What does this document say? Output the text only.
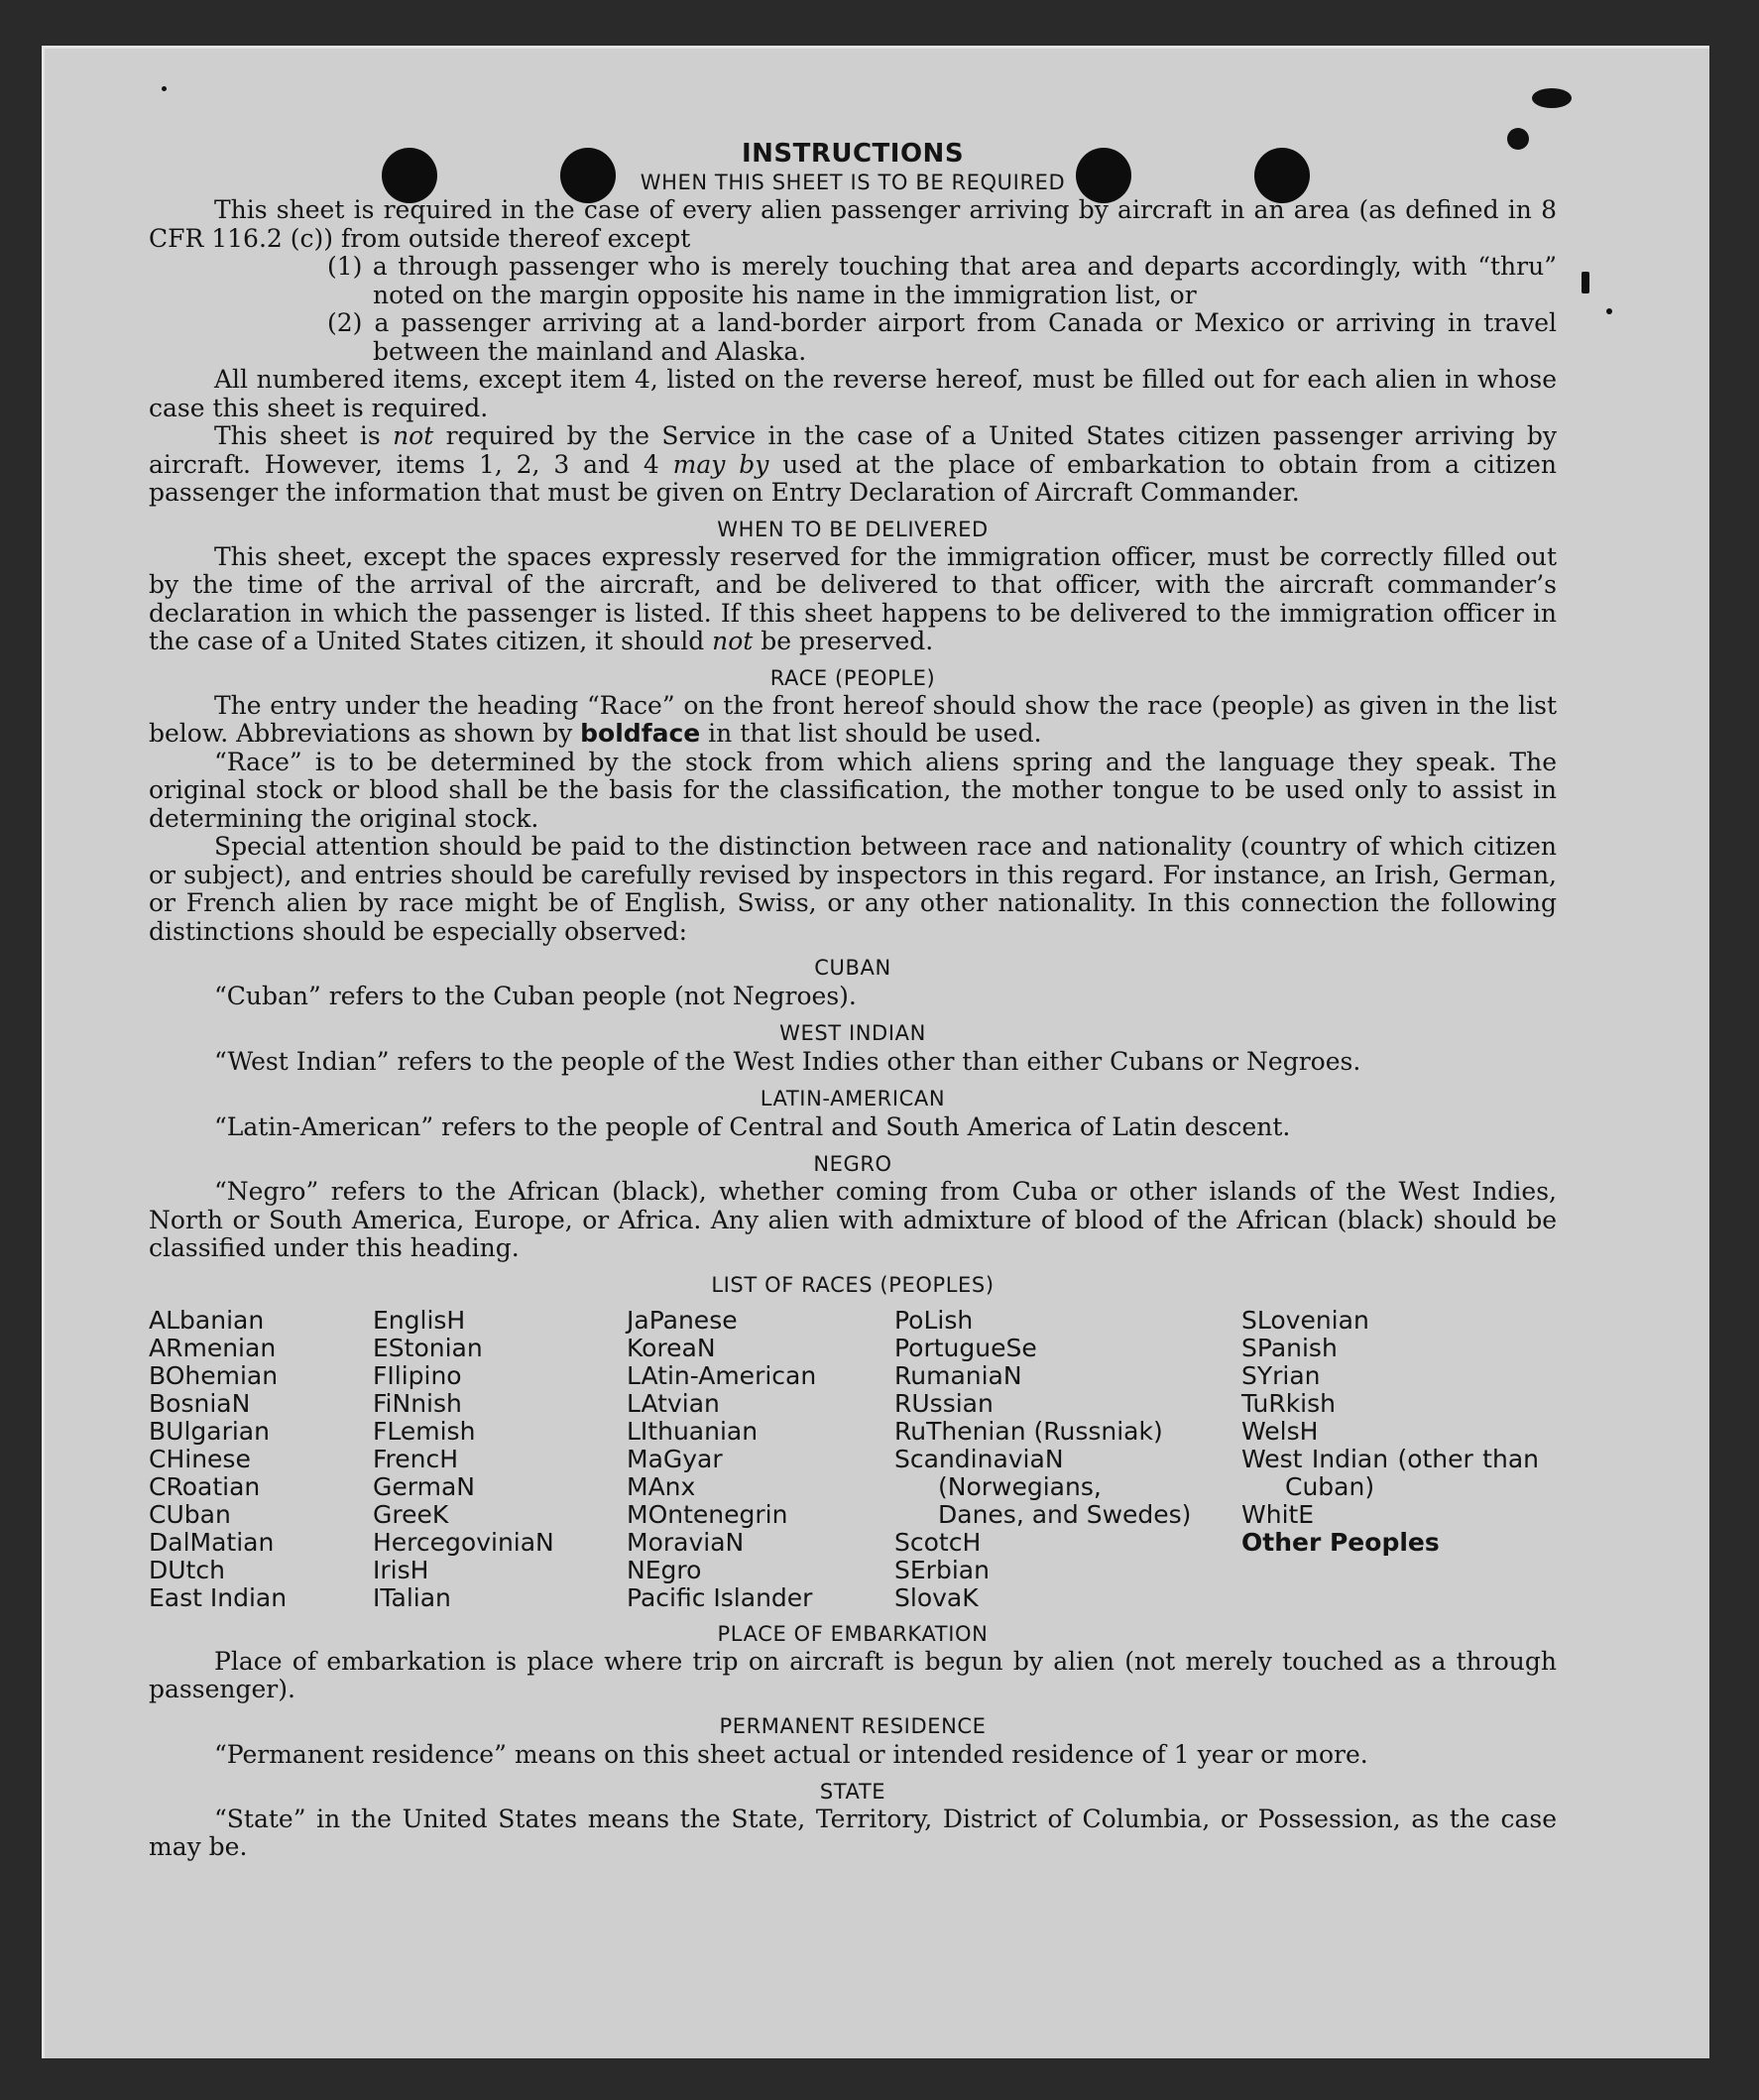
INSTRUCTIONS
WHEN THIS SHEET IS TO BE REQUIRED

This sheet is required in the case of every alien passenger arriving by aircraft in an area (as defined in 8 CFR 116.2 (c)) from outside thereof except

(1) a through passenger who is merely touching that area and departs accordingly, with “thru” noted on the margin opposite his name in the immigration list, or

(2) a passenger arriving at a land-border airport from Canada or Mexico or arriving in travel between the mainland and Alaska.

All numbered items, except item 4, listed on the reverse hereof, must be filled out for each alien in whose case this sheet is required.

This sheet is not required by the Service in the case of a United States citizen passenger arriving by aircraft. However, items 1, 2, 3 and 4 may by used at the place of embarkation to obtain from a citizen passenger the information that must be given on Entry Declaration of Aircraft Commander.

WHEN TO BE DELIVERED

This sheet, except the spaces expressly reserved for the immigration officer, must be correctly filled out by the time of the arrival of the aircraft, and be delivered to that officer, with the aircraft commander’s declaration in which the passenger is listed. If this sheet happens to be delivered to the immigration officer in the case of a United States citizen, it should not be preserved.

RACE (PEOPLE)

The entry under the heading “Race” on the front hereof should show the race (people) as given in the list below. Abbreviations as shown by boldface in that list should be used.

“Race” is to be determined by the stock from which aliens spring and the language they speak. The original stock or blood shall be the basis for the classification, the mother tongue to be used only to assist in determining the original stock.

Special attention should be paid to the distinction between race and nationality (country of which citizen or subject), and entries should be carefully revised by inspectors in this regard. For instance, an Irish, German, or French alien by race might be of English, Swiss, or any other nationality. In this connection the following distinctions should be especially observed:

CUBAN

“Cuban” refers to the Cuban people (not Negroes).

WEST INDIAN

“West Indian” refers to the people of the West Indies other than either Cubans or Negroes.

LATIN-AMERICAN

“Latin-American” refers to the people of Central and South America of Latin descent.

NEGRO

“Negro” refers to the African (black), whether coming from Cuba or other islands of the West Indies, North or South America, Europe, or Africa. Any alien with admixture of blood of the African (black) should be classified under this heading.

LIST OF RACES (PEOPLES)
ALbanian
ARmenian
BOhemian
BosniaN
BUlgarian
CHinese
CRoatian
CUban
DalMatian
DUtch
East Indian
EnglisH
EStonian
FIlipino
FiNnish
FLemish
FrencH
GermaN
GreeK
HercegoviniaN
IrisH
ITalian
JaPanese
KoreaN
LAtin-American
LAtvian
LIthuanian
MaGyar
MAnx
MOntenegrin
MoraviaN
NEgro
Pacific Islander
PoLish
PortugueSe
RumaniaN
RUssian
RuThenian (Russniak)
ScandinaviaN (Norwegians, Danes, and Swedes)
ScotcH
SErbian
SlovaK
SLovenian
SPanish
SYrian
TuRkish
WelsH
West Indian (other than Cuban)
WhitE
Other Peoples
PLACE OF EMBARKATION

Place of embarkation is place where trip on aircraft is begun by alien (not merely touched as a through passenger).

PERMANENT RESIDENCE

“Permanent residence” means on this sheet actual or intended residence of 1 year or more.

STATE

“State” in the United States means the State, Territory, District of Columbia, or Possession, as the case may be.
